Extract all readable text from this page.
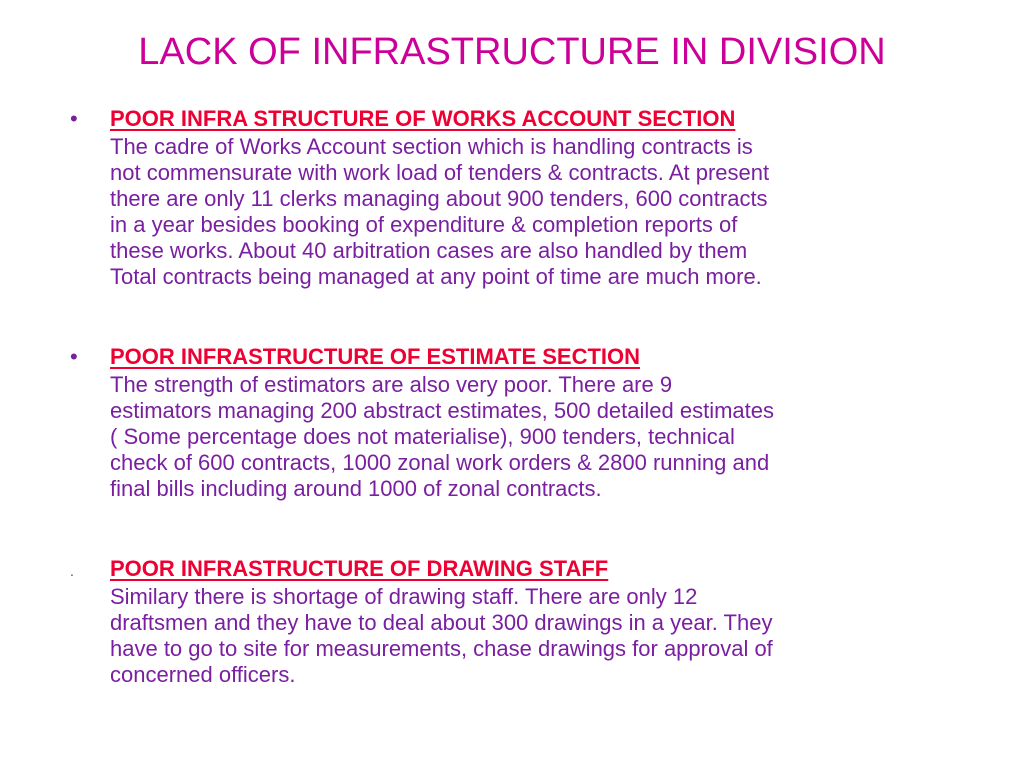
LACK OF INFRASTRUCTURE IN DIVISION
• POOR INFRA STRUCTURE OF WORKS ACCOUNT SECTION
The cadre of Works Account section which is handling contracts is
not commensurate with work load of tenders & contracts. At present
there are only 11 clerks managing about 900 tenders, 600 contracts
in a year besides booking of expenditure & completion reports of
these works. About 40 arbitration cases are also handled by them
Total contracts being managed at any point of time are much more.
• POOR INFRASTRUCTURE OF ESTIMATE SECTION
The strength of estimators are also very poor. There are 9
estimators managing 200 abstract estimates, 500 detailed estimates
( Some percentage does not materialise), 900 tenders, technical
check of 600 contracts, 1000 zonal work orders & 2800 running and
final bills including around 1000 of zonal contracts.
. POOR INFRASTRUCTURE OF DRAWING STAFF
Similary there is shortage of drawing staff. There are only 12
draftsmen and they have to deal about 300 drawings in a year. They
have to go to site for measurements, chase drawings for approval of
concerned officers.
